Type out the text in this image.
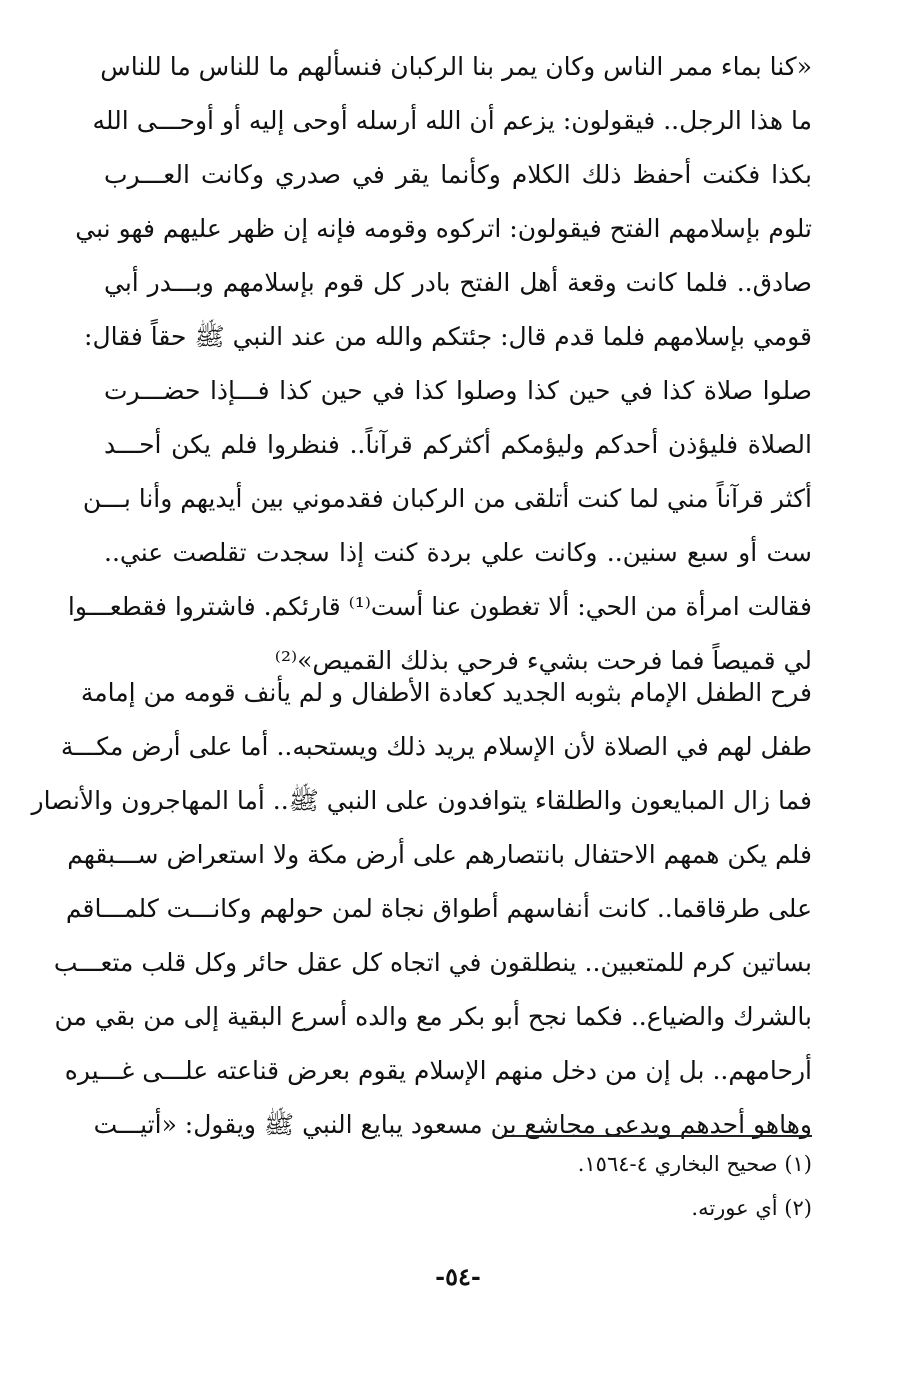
«كنا بماء ممر الناس وكان يمر بنا الركبان فنسألهم ما للناس ما للناس
ما هذا الرجل.. فيقولون: يزعم أن الله أرسله أوحى إليه أو أوحـــى الله
بكذا فكنت أحفظ ذلك الكلام وكأنما يقر في صدري وكانت العـــرب
تلوم بإسلامهم الفتح فيقولون: اتركوه وقومه فإنه إن ظهر عليهم فهو نبي
صادق.. فلما كانت وقعة أهل الفتح بادر كل قوم بإسلامهم وبـــدر أبي
قومي بإسلامهم فلما قدم قال: جئتكم والله من عند النبي ﷺ حقاً فقال:
صلوا صلاة كذا في حين كذا وصلوا كذا في حين كذا فـــإذا حضـــرت
الصلاة فليؤذن أحدكم وليؤمكم أكثركم قرآناً.. فنظروا فلم يكن أحـــد
أكثر قرآناً مني لما كنت أتلقى من الركبان فقدموني بين أيديهم وأنا بـــن
ست أو سبع سنين.. وكانت علي بردة كنت إذا سجدت تقلصت عني..
فقالت امرأة من الحي: ألا تغطون عنا أست⁽¹⁾ قارئكم. فاشتروا فقطعـــوا
لي قميصاً فما فرحت بشيء فرحي بذلك القميص»⁽²⁾
فرح الطفل الإمام بثوبه الجديد كعادة الأطفال و لم يأنف قومه من إمامة
طفل لهم في الصلاة لأن الإسلام يريد ذلك ويستحبه.. أما على أرض مكـــة
فما زال المبايعون والطلقاء يتوافدون على النبي ﷺ.. أما المهاجرون والأنصار
فلم يكن همهم الاحتفال بانتصارهم على أرض مكة ولا استعراض ســـبقهم
على طرقاقما.. كانت أنفاسهم أطواق نجاة لمن حولهم وكانـــت كلمـــاقم
بساتين كرم للمتعبين.. ينطلقون في اتجاه كل عقل حائر وكل قلب متعـــب
بالشرك والضياع.. فكما نجح أبو بكر مع والده أسرع البقية إلى من بقي من
أرحامهم.. بل إن من دخل منهم الإسلام يقوم بعرض قناعته علـــى غـــيره
وهاهو أحدهم ويدعى مجاشع بن مسعود يبايع النبي ﷺ ويقول: «أتيـــت
(١) صحيح البخاري ٤-١٥٦٤.
(٢) أي عورته.
-٥٤-
